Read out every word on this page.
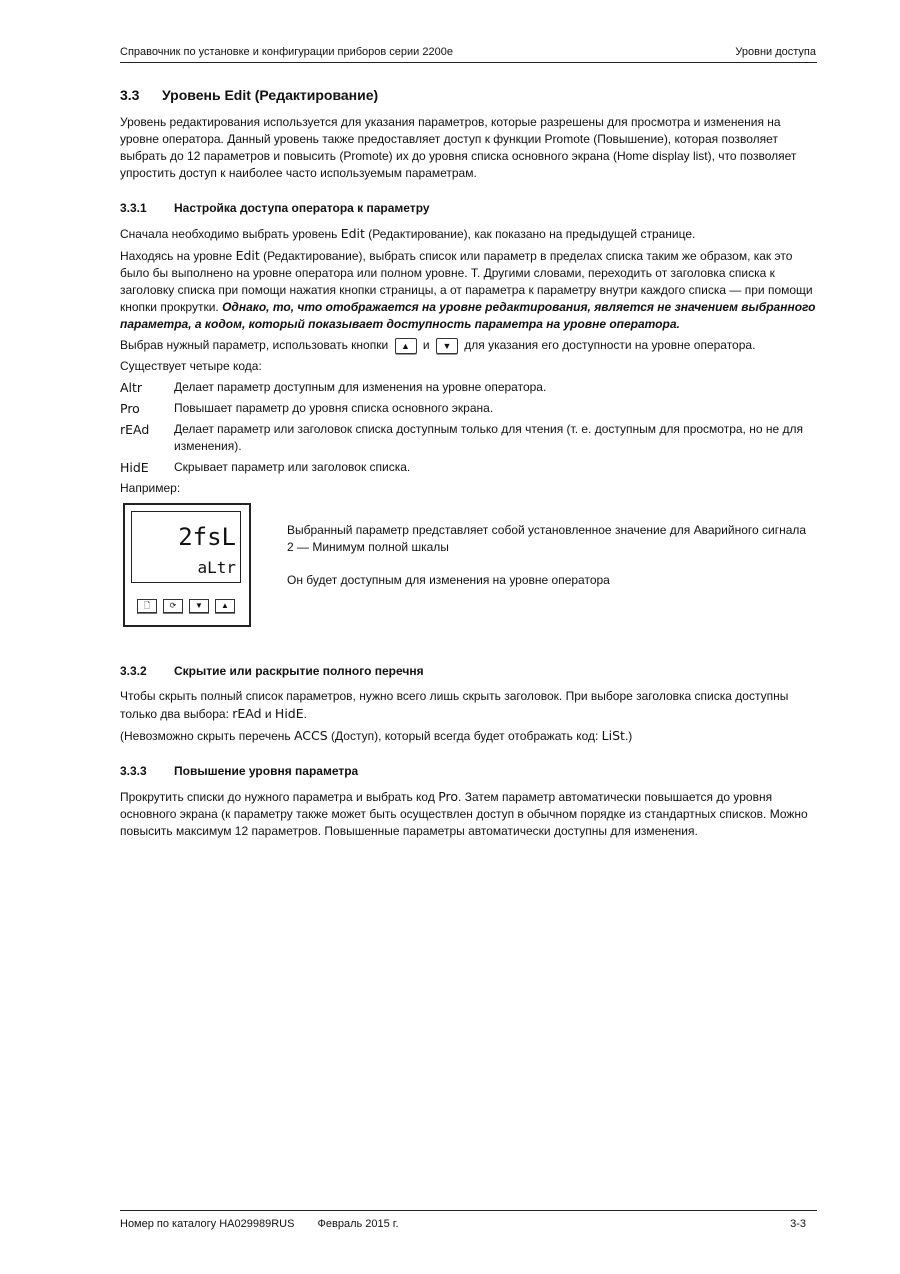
Справочник по установке и конфигурации приборов серии 2200е	Уровни доступа
3.3	Уровень Edit (Редактирование)

Уровень редактирования используется для указания параметров, которые разрешены для просмотра и изменения на уровне оператора. Данный уровень также предоставляет доступ к функции Promote (Повышение), которая позволяет выбрать до 12 параметров и повысить (Promote) их до уровня списка основного экрана (Home display list), что позволяет упростить доступ к наиболее часто используемым параметрам.

3.3.1	Настройка доступа оператора к параметру

Сначала необходимо выбрать уровень Edit (Редактирование), как показано на предыдущей странице.

Находясь на уровне Edit (Редактирование), выбрать список или параметр в пределах списка таким же образом, как это было бы выполнено на уровне оператора или полном уровне. T. Другими словами, переходить от заголовка списка к заголовку списка при помощи нажатия кнопки страницы, а от параметра к параметру внутри каждого списка — при помощи кнопки прокрутки. Однако, то, что отображается на уровне редактирования, является не значением выбранного параметра, а кодом, который показывает доступность параметра на уровне оператора.

Выбрав нужный параметр, использовать кнопки ▲ и ▼ для указания его доступности на уровне оператора.

Существует четыре кода:

Altr	Делает параметр доступным для изменения на уровне оператора.
Pro	Повышает параметр до уровня списка основного экрана.
rEAd	Делает параметр или заголовок списка доступным только для чтения (т. е. доступным для просмотра, но не для изменения).
HidE	Скрывает параметр или заголовок списка.

Например:

2fsL
aLtr
🗋	⟳	▼	▲

Выбранный параметр представляет собой установленное значение для Аварийного сигнала 2 — Минимум полной шкалы

Он будет доступным для изменения на уровне оператора

3.3.2	Скрытие или раскрытие полного перечня

Чтобы скрыть полный список параметров, нужно всего лишь скрыть заголовок. При выборе заголовка списка доступны только два выбора: rEAd и HidE.

(Невозможно скрыть перечень ACCS (Доступ), который всегда будет отображать код: LiSt.)

3.3.3	Повышение уровня параметра

Прокрутить списки до нужного параметра и выбрать код Pro. Затем параметр автоматически повышается до уровня основного экрана (к параметру также может быть осуществлен доступ в обычном порядке из стандартных списков. Можно повысить максимум 12 параметров. Повышенные параметры автоматически доступны для изменения.

Номер по каталогу HA029989RUS Февраль 2015 г.	3-3
